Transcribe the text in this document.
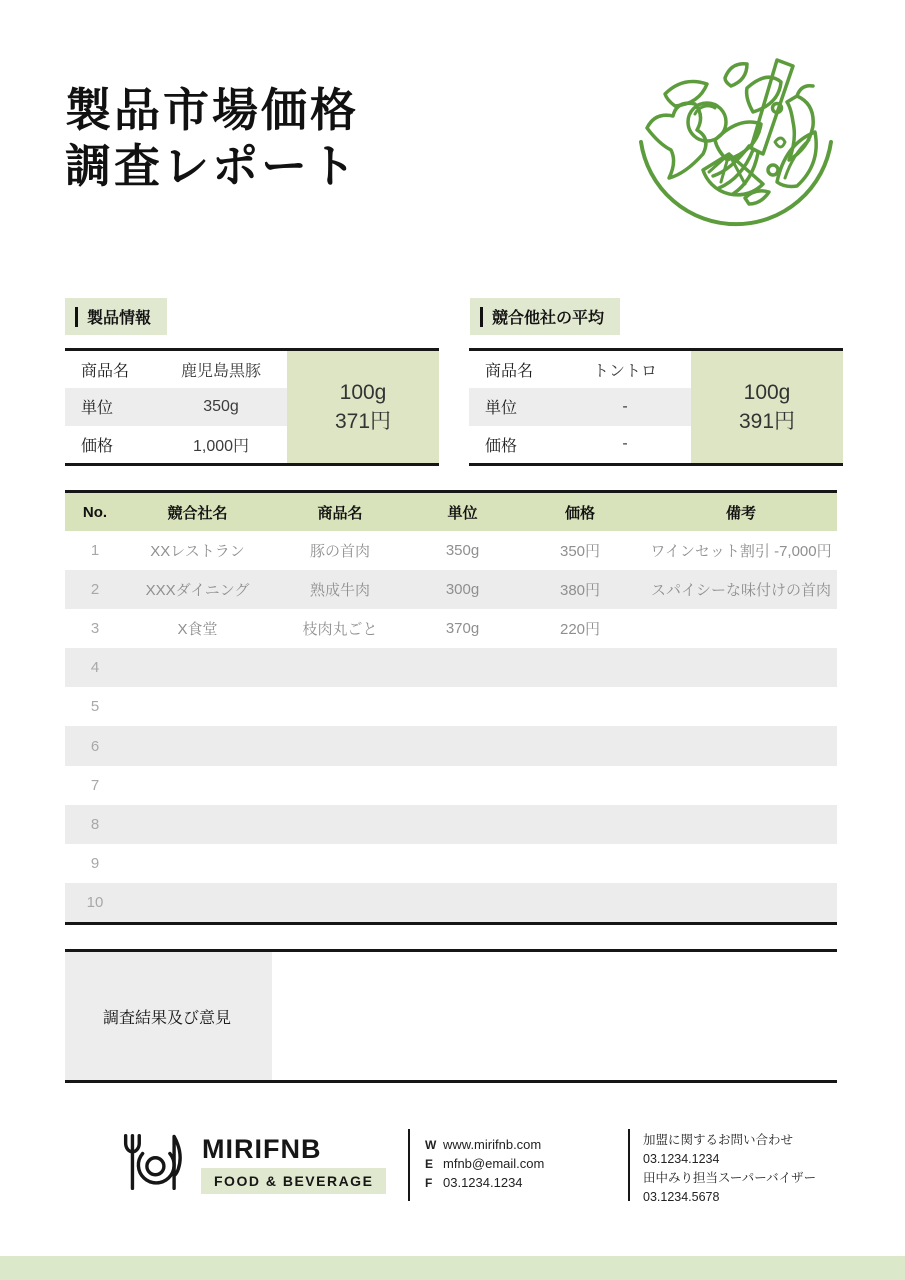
製品市場価格
調査レポート
製品情報	競合他社の平均
商品名	鹿児島黒豚
単位	350g
価格	1,000円
100g
371円
商品名	トントロ
単位	-
価格	-
100g
391円
No.	競合社名	商品名	単位	価格	備考
1	XXレストラン	豚の首肉	350g	350円	ワインセット割引 -7,000円
2	XXXダイニング	熟成牛肉	300g	380円	スパイシーな味付けの首肉
3	X食堂	枝肉丸ごと	370g	220円
4
5
6
7
8
9
10
調査結果及び意見
MIRIFNB
FOOD & BEVERAGE
W www.mirifnb.com
E mfnb@email.com
F 03.1234.1234
加盟に関するお問い合わせ
03.1234.1234
田中みり担当スーパーバイザー
03.1234.5678
